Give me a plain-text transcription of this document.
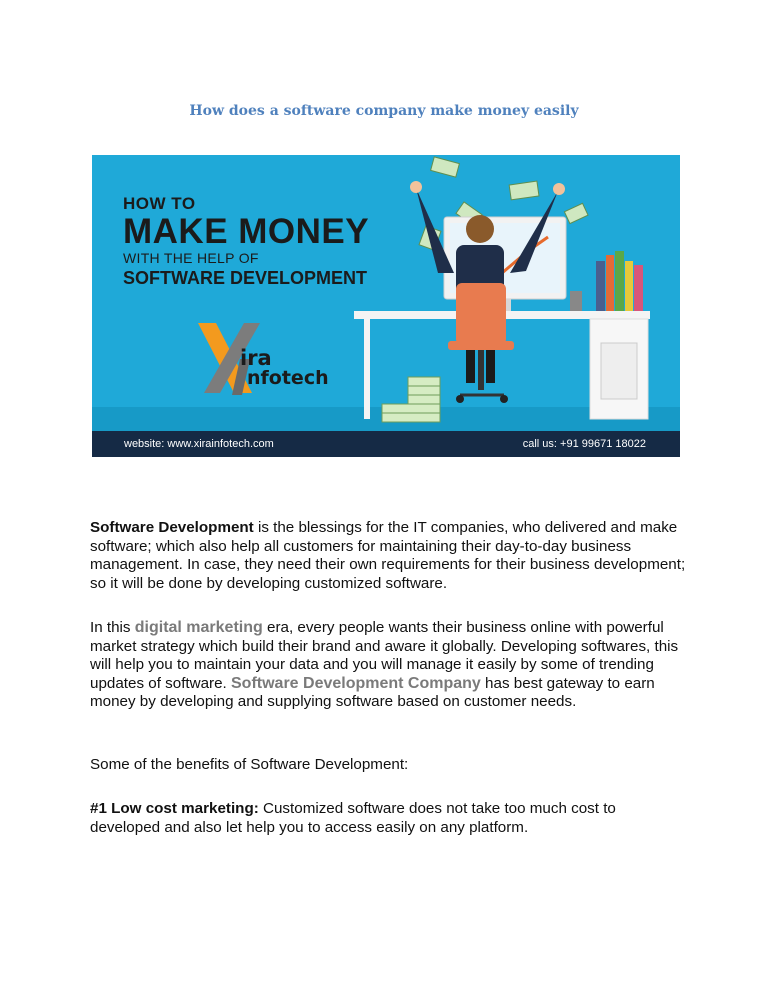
How does a software company make money easily
HOW TO
MAKE MONEY
WITH THE HELP OF
SOFTWARE DEVELOPMENT
ira
nfotech
website: www.xirainfotech.com	call us: +91 99671 18022

Software Development is the blessings for the IT companies, who delivered and make software; which also help all customers for maintaining their day-to-day business management. In case, they need their own requirements for their business development; so it will be done by developing customized software.

In this digital marketing era, every people wants their business online with powerful market strategy which build their brand and aware it globally. Developing softwares, this will help you to maintain your data and you will manage it easily by some of trending updates of software. Software Development Company has best gateway to earn money by developing and supplying software based on customer needs.

Some of the benefits of Software Development:

#1 Low cost marketing: Customized software does not take too much cost to developed and also let help you to access easily on any platform.
